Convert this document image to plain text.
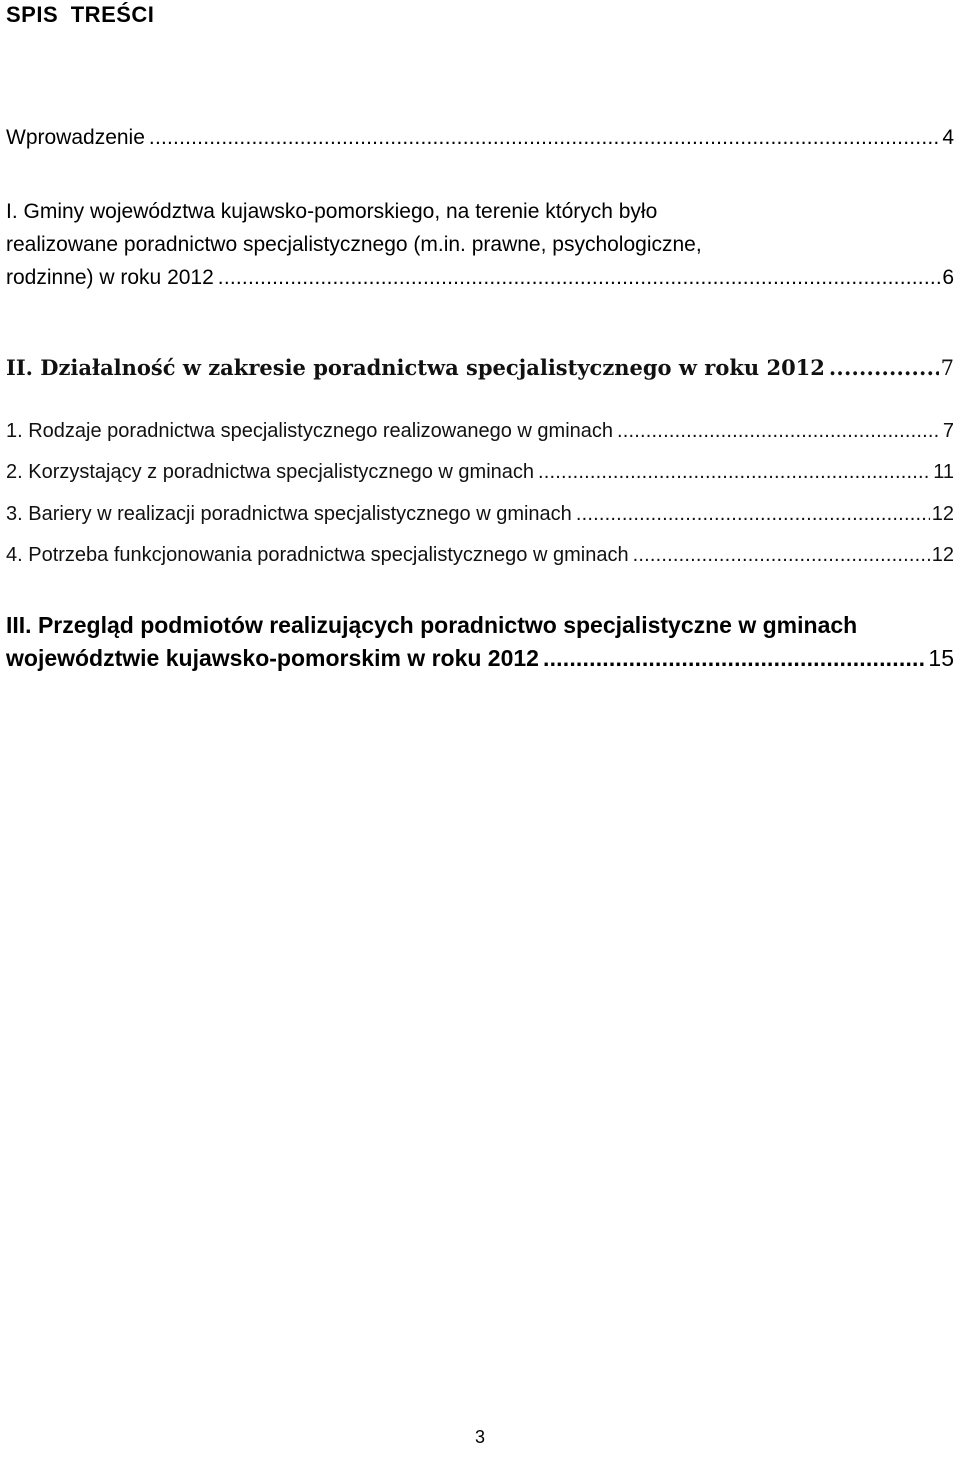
SPIS TREŚCI
Wprowadzenie .....	4
I. Gminy województwa kujawsko-pomorskiego, na terenie których było
realizowane poradnictwo specjalistycznego (m.in. prawne, psychologiczne,
rodzinne) w roku 2012 .....	6
II. Działalność w zakresie poradnictwa specjalistycznego w roku 2012 .....	7
1. Rodzaje poradnictwa specjalistycznego realizowanego w gminach .....	7
2. Korzystający z poradnictwa specjalistycznego w gminach .....	11
3. Bariery w realizacji poradnictwa specjalistycznego w gminach .....	12
4. Potrzeba funkcjonowania poradnictwa specjalistycznego w gminach .....	12
III. Przegląd podmiotów realizujących poradnictwo specjalistyczne w gminach
województwie kujawsko-pomorskim w roku 2012 .....	15
3
